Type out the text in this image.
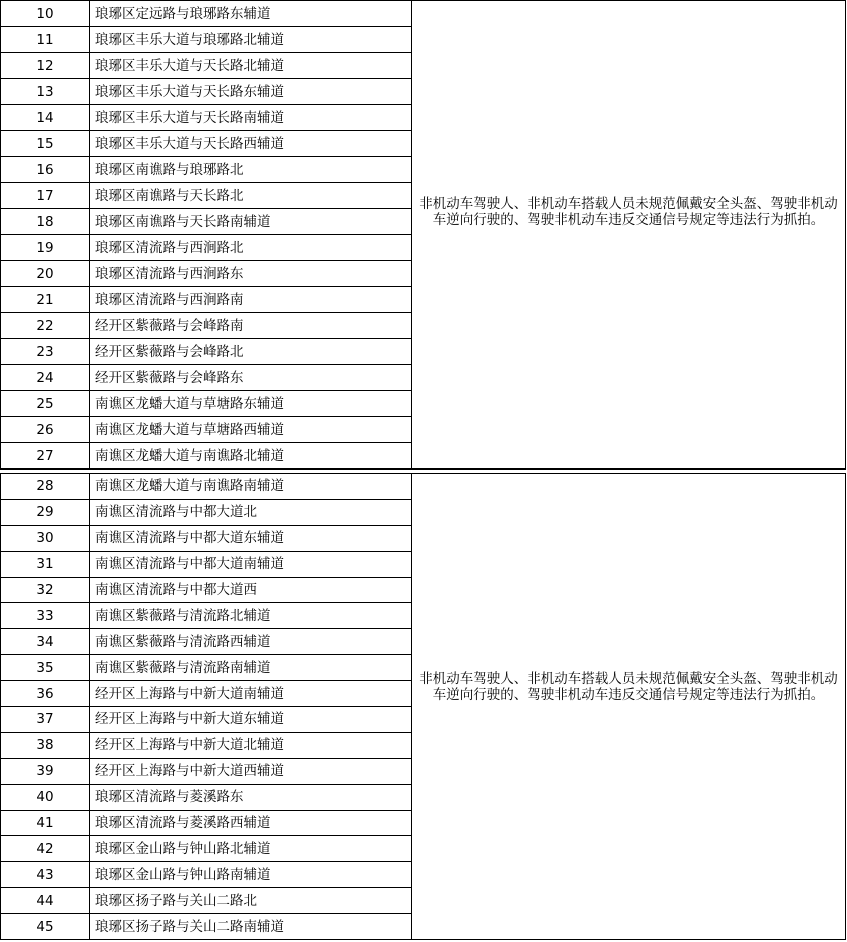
10	琅琊区定远路与琅琊路东辅道	非机动车驾驶人、非机动车搭载人员未规范佩戴安全头盔、驾驶非机动车逆向行驶的、驾驶非机动车违反交通信号规定等违法行为抓拍。

11	琅琊区丰乐大道与琅琊路北辅道	
12	琅琊区丰乐大道与天长路北辅道	
13	琅琊区丰乐大道与天长路东辅道	
14	琅琊区丰乐大道与天长路南辅道	
15	琅琊区丰乐大道与天长路西辅道	
16	琅琊区南谯路与琅琊路北	
17	琅琊区南谯路与天长路北	
18	琅琊区南谯路与天长路南辅道	
19	琅琊区清流路与西涧路北	
20	琅琊区清流路与西涧路东	
21	琅琊区清流路与西涧路南	
22	经开区紫薇路与会峰路南	
23	经开区紫薇路与会峰路北	
24	经开区紫薇路与会峰路东	
25	南谯区龙蟠大道与草塘路东辅道	
26	南谯区龙蟠大道与草塘路西辅道	
27	南谯区龙蟠大道与南谯路北辅道	
28	南谯区龙蟠大道与南谯路南辅道	非机动车驾驶人、非机动车搭载人员未规范佩戴安全头盔、驾驶非机动车逆向行驶的、驾驶非机动车违反交通信号规定等违法行为抓拍。

29	南谯区清流路与中都大道北	
30	南谯区清流路与中都大道东辅道	
31	南谯区清流路与中都大道南辅道	
32	南谯区清流路与中都大道西	
33	南谯区紫薇路与清流路北辅道	
34	南谯区紫薇路与清流路西辅道	
35	南谯区紫薇路与清流路南辅道	
36	经开区上海路与中新大道南辅道	
37	经开区上海路与中新大道东辅道	
38	经开区上海路与中新大道北辅道	
39	经开区上海路与中新大道西辅道	
40	琅琊区清流路与菱溪路东	
41	琅琊区清流路与菱溪路西辅道	
42	琅琊区金山路与钟山路北辅道	
43	琅琊区金山路与钟山路南辅道	
44	琅琊区扬子路与关山二路北	
45	琅琊区扬子路与关山二路南辅道	
